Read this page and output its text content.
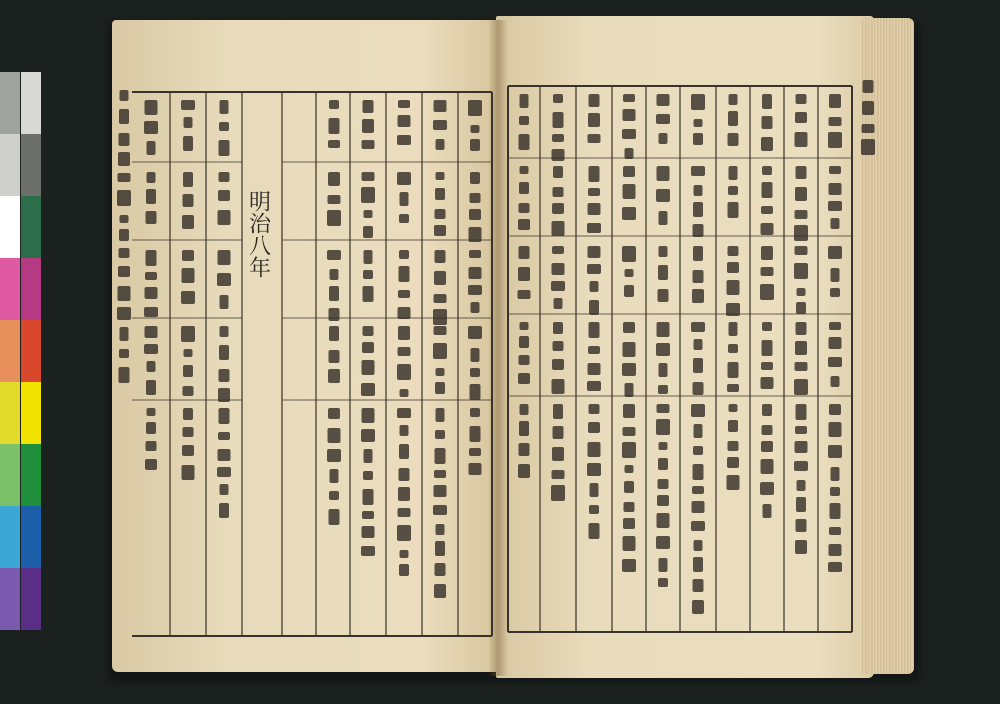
明治八年
